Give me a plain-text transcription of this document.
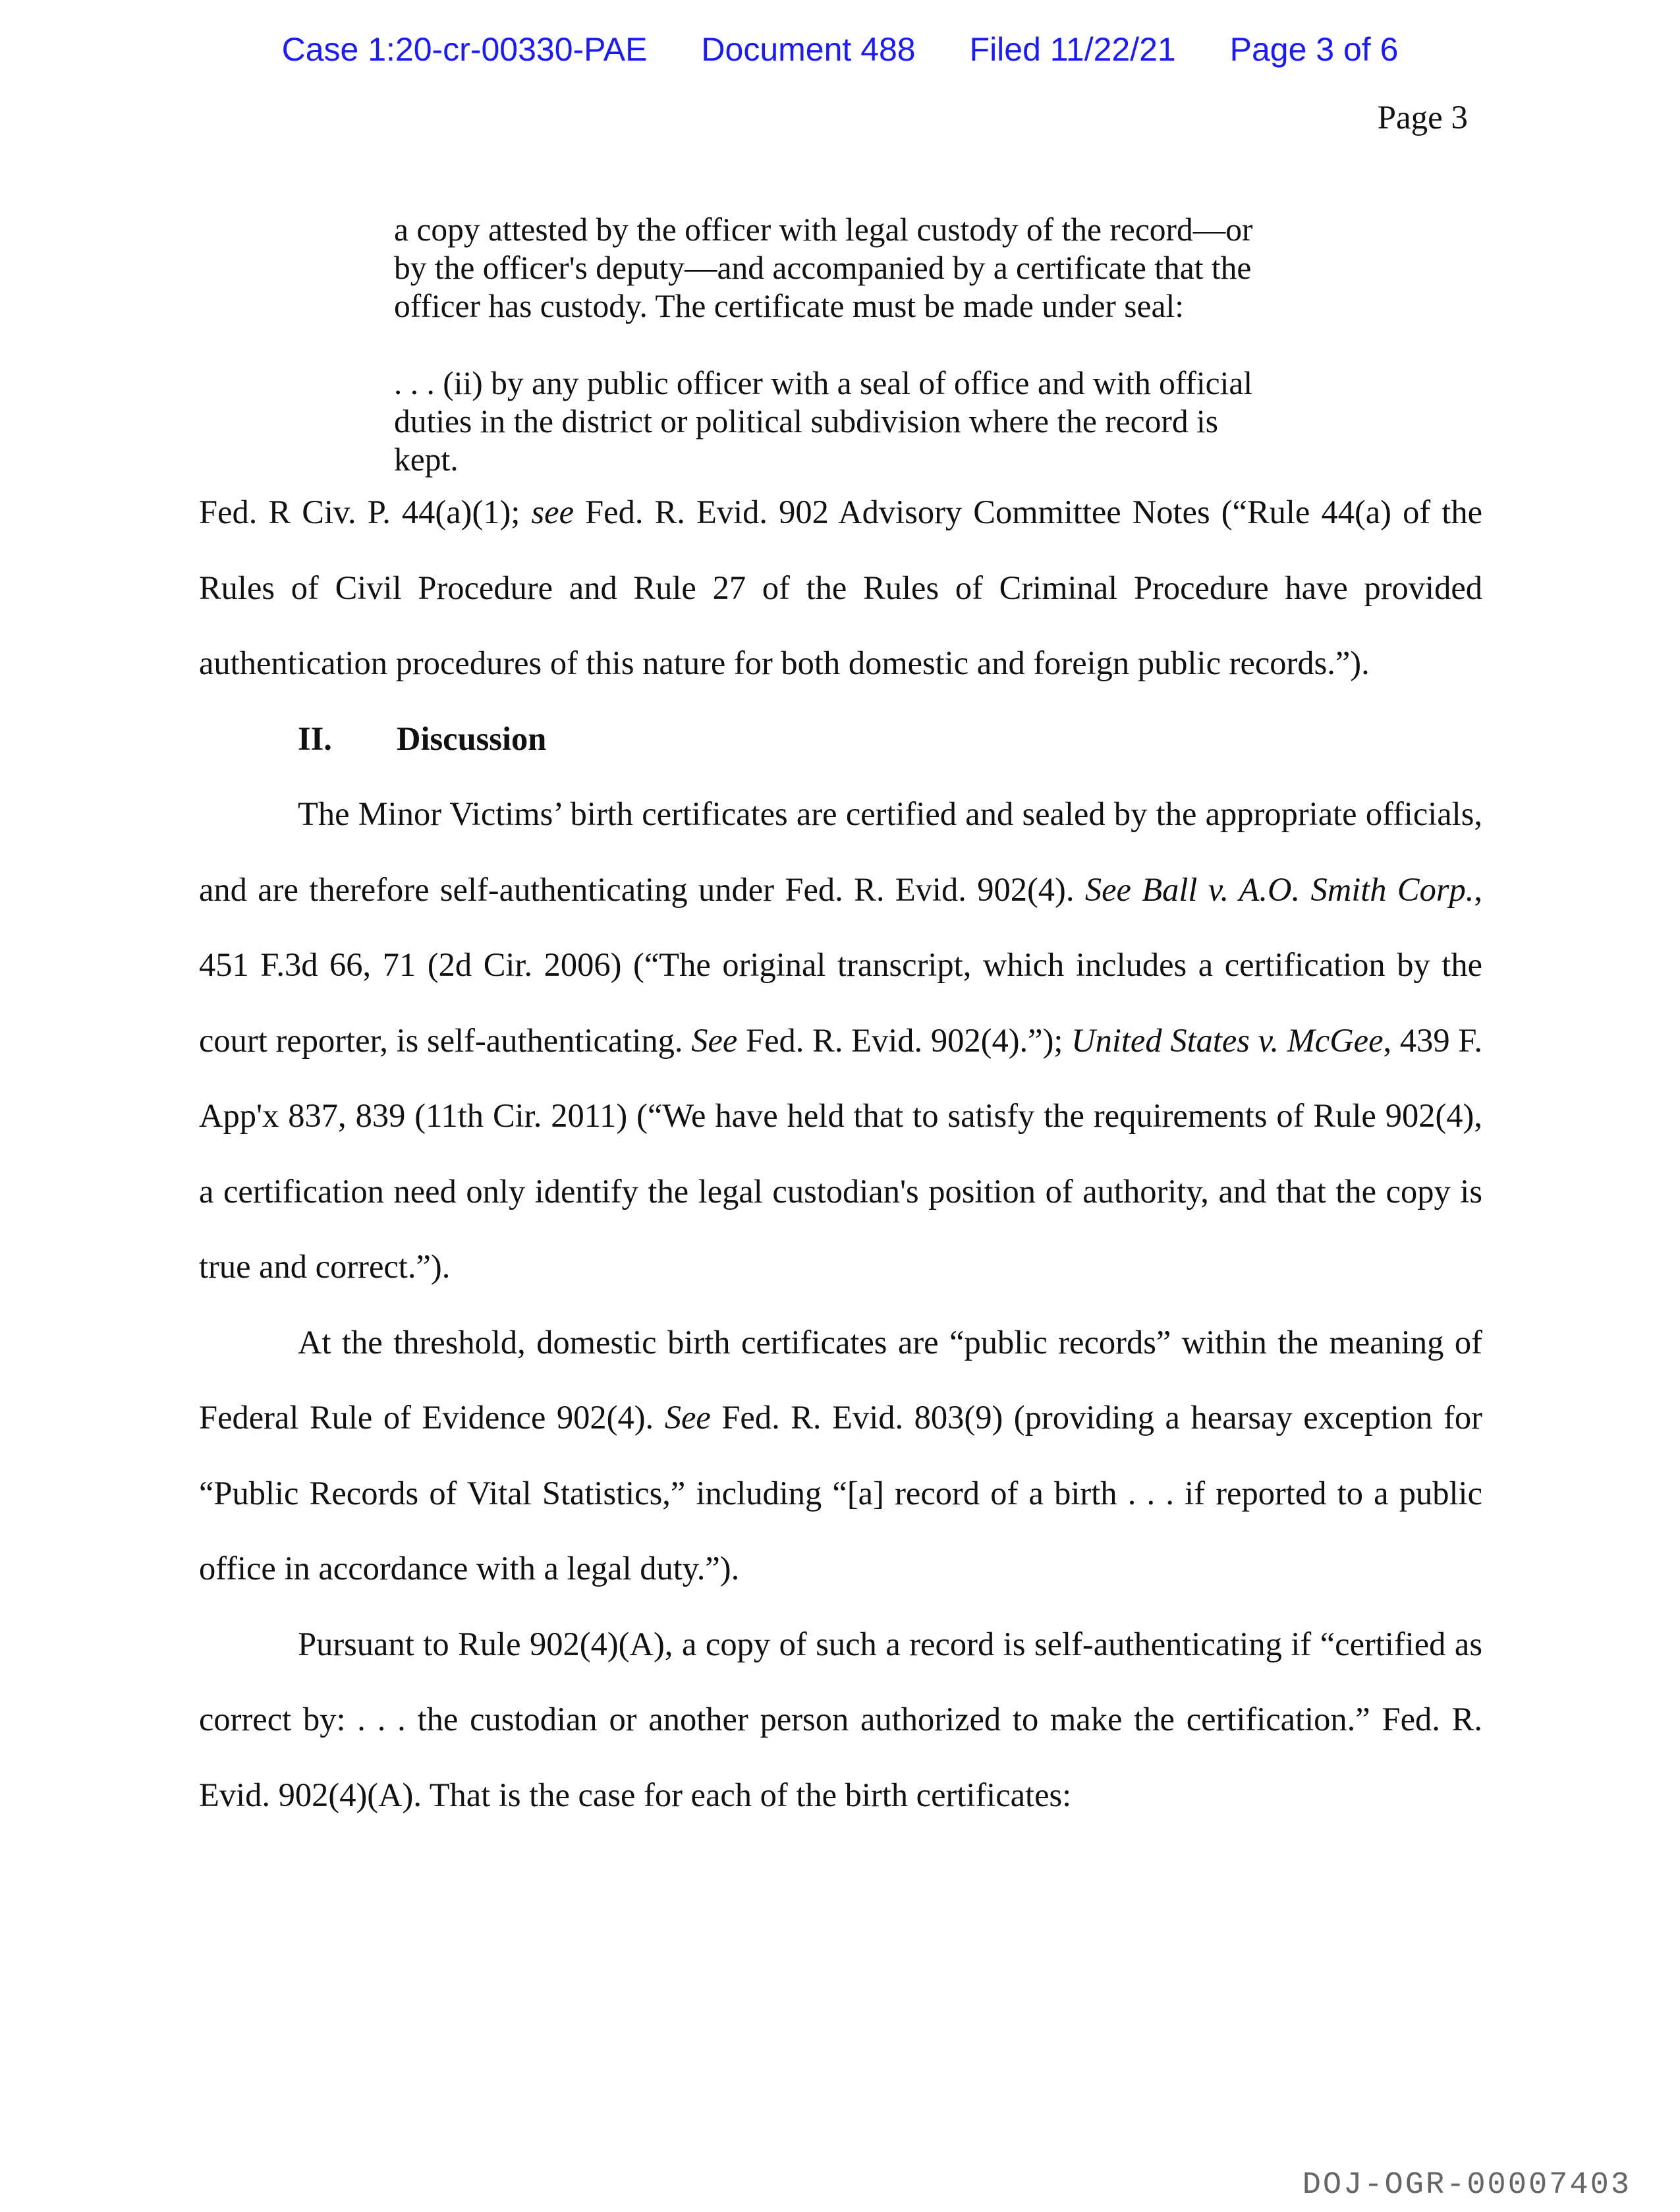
Case 1:20-cr-00330-PAE Document 488 Filed 11/22/21 Page 3 of 6
Page 3

a copy attested by the officer with legal custody of the record—or by the officer's deputy—and accompanied by a certificate that the officer has custody. The certificate must be made under seal:

. . . (ii) by any public officer with a seal of office and with official duties in the district or political subdivision where the record is kept.

Fed. R Civ. P. 44(a)(1); see Fed. R. Evid. 902 Advisory Committee Notes (“Rule 44(a) of the Rules of Civil Procedure and Rule 27 of the Rules of Criminal Procedure have provided authentication procedures of this nature for both domestic and foreign public records.”).

II. Discussion

The Minor Victims’ birth certificates are certified and sealed by the appropriate officials, and are therefore self-authenticating under Fed. R. Evid. 902(4). See Ball v. A.O. Smith Corp., 451 F.3d 66, 71 (2d Cir. 2006) (“The original transcript, which includes a certification by the court reporter, is self-authenticating. See Fed. R. Evid. 902(4).”); United States v. McGee, 439 F. App'x 837, 839 (11th Cir. 2011) (“We have held that to satisfy the requirements of Rule 902(4), a certification need only identify the legal custodian's position of authority, and that the copy is true and correct.”).

At the threshold, domestic birth certificates are “public records” within the meaning of Federal Rule of Evidence 902(4). See Fed. R. Evid. 803(9) (providing a hearsay exception for “Public Records of Vital Statistics,” including “[a] record of a birth . . . if reported to a public office in accordance with a legal duty.”).

Pursuant to Rule 902(4)(A), a copy of such a record is self-authenticating if “certified as correct by: . . . the custodian or another person authorized to make the certification.” Fed. R. Evid. 902(4)(A). That is the case for each of the birth certificates:

DOJ-OGR-00007403
